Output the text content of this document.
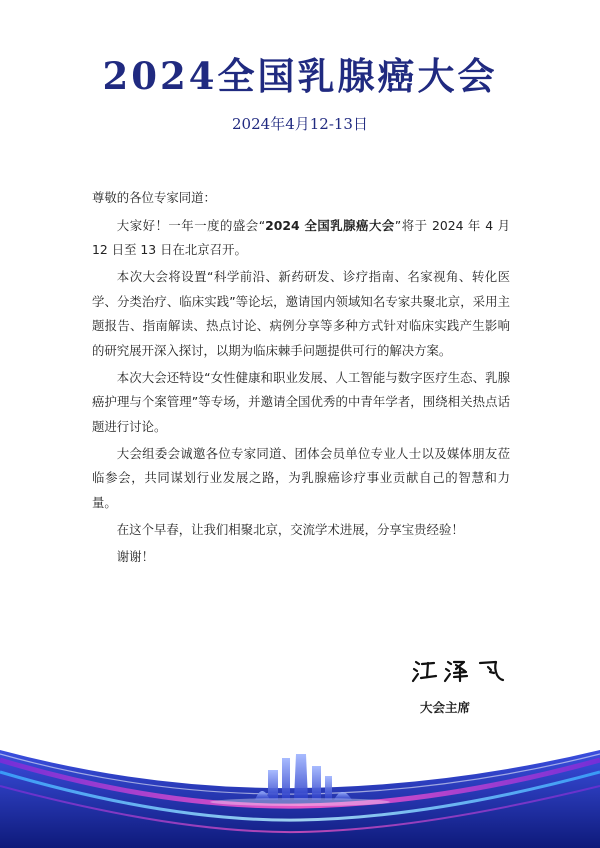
2024全国乳腺癌大会
2024年4月12-13日

尊敬的各位专家同道：

大家好！一年一度的盛会“2024 全国乳腺癌大会”将于 2024 年 4 月 12 日至 13 日在北京召开。

本次大会将设置“科学前沿、新药研发、诊疗指南、名家视角、转化医学、分类治疗、临床实践”等论坛，邀请国内领域知名专家共聚北京，采用主题报告、指南解读、热点讨论、病例分享等多种方式针对临床实践产生影响的研究展开深入探讨，以期为临床棘手问题提供可行的解决方案。

本次大会还特设“女性健康和职业发展、人工智能与数字医疗生态、乳腺癌护理与个案管理”等专场，并邀请全国优秀的中青年学者，围绕相关热点话题进行讨论。

大会组委会诚邀各位专家同道、团体会员单位专业人士以及媒体朋友莅临参会，共同谋划行业发展之路，为乳腺癌诊疗事业贡献自己的智慧和力量。

在这个早春，让我们相聚北京，交流学术进展，分享宝贵经验！

谢谢！

大会主席
